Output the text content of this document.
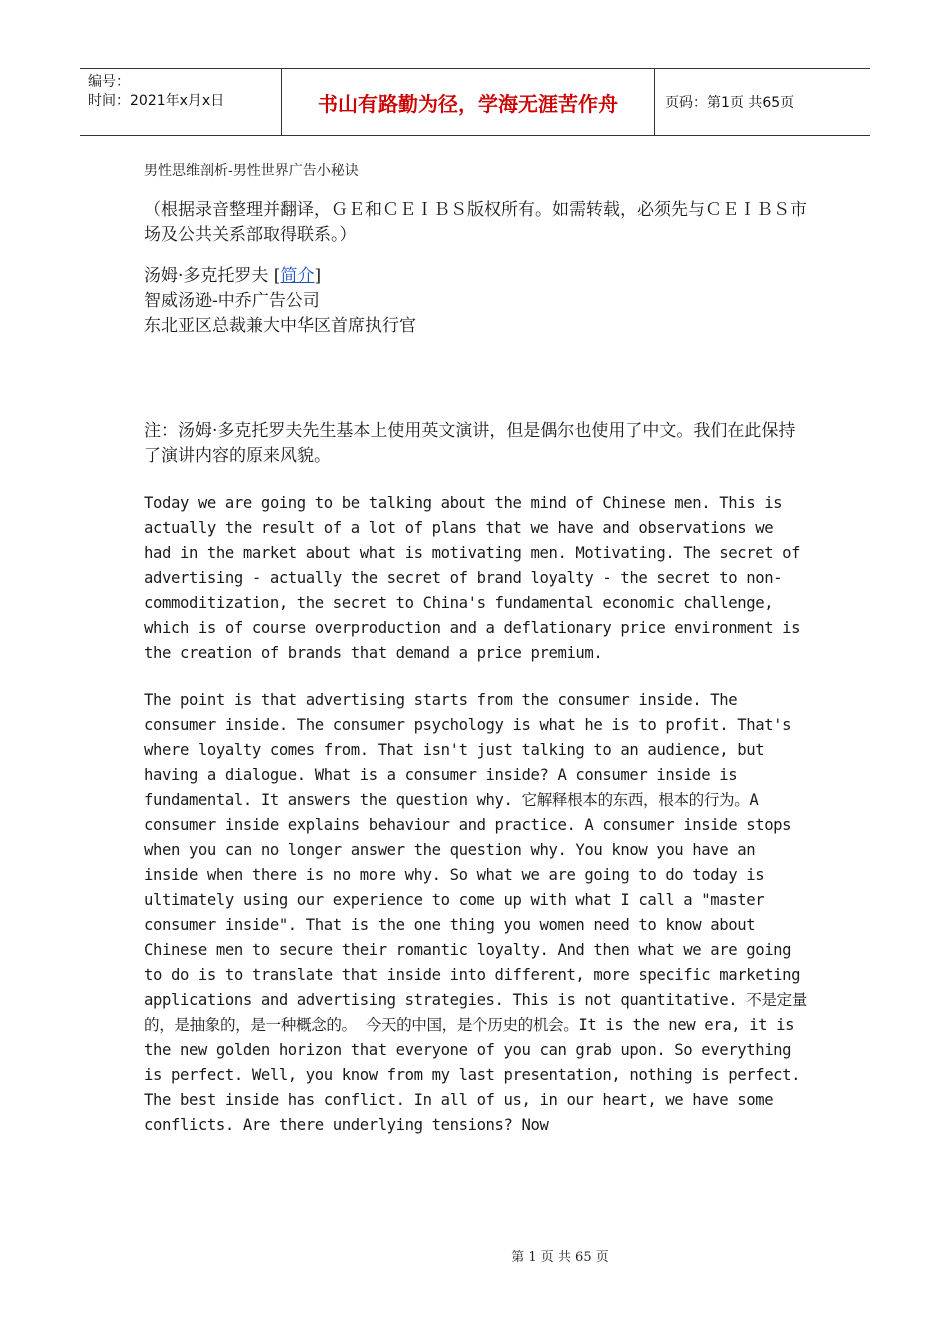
编号：
时间：2021年x月x日	书山有路勤为径，学海无涯苦作舟	页码：第1页 共65页

男性思维剖析-男性世界广告小秘诀

（根据录音整理并翻译，ＧＥ和ＣＥＩＢＳ版权所有。如需转载，必须先与ＣＥＩＢＳ市场及公共关系部取得联系。）

汤姆·多克托罗夫 [简介]
智威汤逊-中乔广告公司
东北亚区总裁兼大中华区首席执行官

注：汤姆·多克托罗夫先生基本上使用英文演讲，但是偶尔也使用了中文。我们在此保持了演讲内容的原来风貌。

Today we are going to be talking about the mind of Chinese men. This is actually the result of a lot of plans that we have and observations we had in the market about what is motivating men. Motivating. The secret of advertising - actually the secret of brand loyalty - the secret to non-commoditization, the secret to China's fundamental economic challenge, which is of course overproduction and a deflationary price environment is the creation of brands that demand a price premium.

The point is that advertising starts from the consumer inside. The consumer inside. The consumer psychology is what he is to profit. That's where loyalty comes from. That isn't just talking to an audience, but having a dialogue. What is a consumer inside? A consumer inside is fundamental. It answers the question why. 它解释根本的东西，根本的行为。A consumer inside explains behaviour and practice. A consumer inside stops when you can no longer answer the question why. You know you have an inside when there is no more why. So what we are going to do today is ultimately using our experience to come up with what I call a "master consumer inside". That is the one thing you women need to know about Chinese men to secure their romantic loyalty. And then what we are going to do is to translate that inside into different, more specific marketing applications and advertising strategies. This is not quantitative. 不是定量的，是抽象的，是一种概念的。 今天的中国，是个历史的机会。It is the new era, it is the new golden horizon that everyone of you can grab upon. So everything is perfect. Well, you know from my last presentation, nothing is perfect. The best inside has conflict. In all of us, in our heart, we have some conflicts. Are there underlying tensions? Now

第 1 页 共 65 页
